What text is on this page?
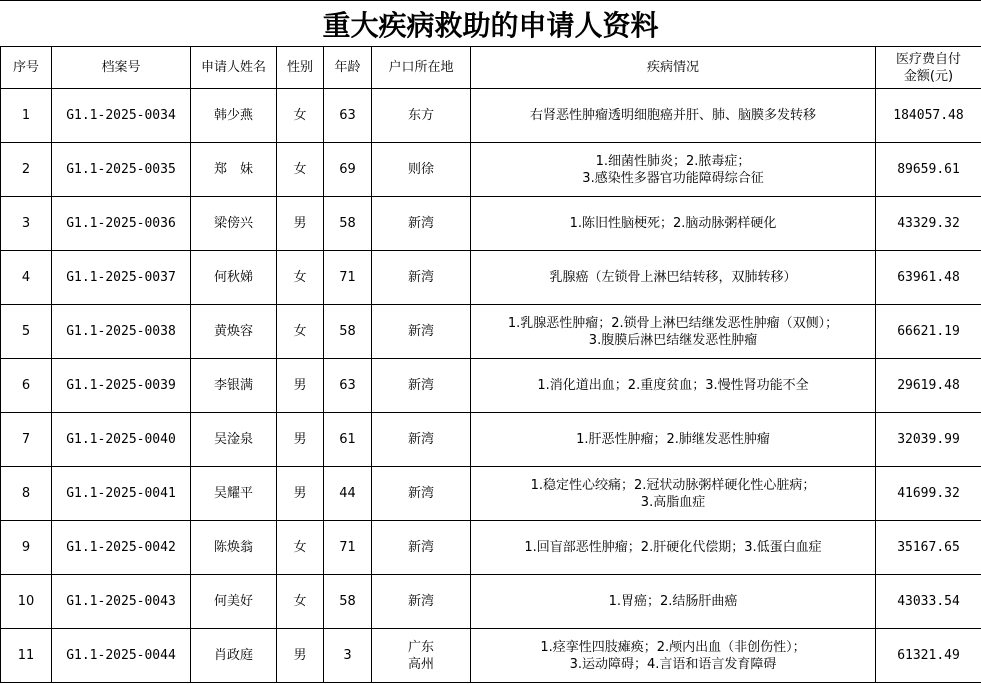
重大疾病救助的申请人资料
序号	档案号	申请人姓名	性别	年龄	户口所在地	疾病情况	医疗费自付
金额(元)

1	G1.1-2025-0034	韩少燕	女	63	东方	右肾恶性肿瘤透明细胞癌并肝、肺、脑膜多发转移	184057.48
2	G1.1-2025-0035	郑　妹	女	69	则徐	1.细菌性肺炎；2.脓毒症；
3.感染性多器官功能障碍综合征	89659.61
3	G1.1-2025-0036	梁傍兴	男	58	新湾	1.陈旧性脑梗死；2.脑动脉粥样硬化	43329.32
4	G1.1-2025-0037	何秋娣	女	71	新湾	乳腺癌（左锁骨上淋巴结转移，双肺转移）	63961.48
5	G1.1-2025-0038	黄焕容	女	58	新湾	1.乳腺恶性肿瘤；2.锁骨上淋巴结继发恶性肿瘤（双侧）；
3.腹膜后淋巴结继发恶性肿瘤	66621.19
6	G1.1-2025-0039	李银满	男	63	新湾	1.消化道出血；2.重度贫血；3.慢性肾功能不全	29619.48
7	G1.1-2025-0040	吴淦泉	男	61	新湾	1.肝恶性肿瘤；2.肺继发恶性肿瘤	32039.99
8	G1.1-2025-0041	吴耀平	男	44	新湾	1.稳定性心绞痛；2.冠状动脉粥样硬化性心脏病；
3.高脂血症	41699.32
9	G1.1-2025-0042	陈焕翁	女	71	新湾	1.回盲部恶性肿瘤；2.肝硬化代偿期；3.低蛋白血症	35167.65
10	G1.1-2025-0043	何美好	女	58	新湾	1.胃癌；2.结肠肝曲癌	43033.54
11	G1.1-2025-0044	肖政庭	男	3	广东
高州	1.痉挛性四肢瘫痪；2.颅内出血（非创伤性）；
3.运动障碍；4.言语和语言发育障碍	61321.49
